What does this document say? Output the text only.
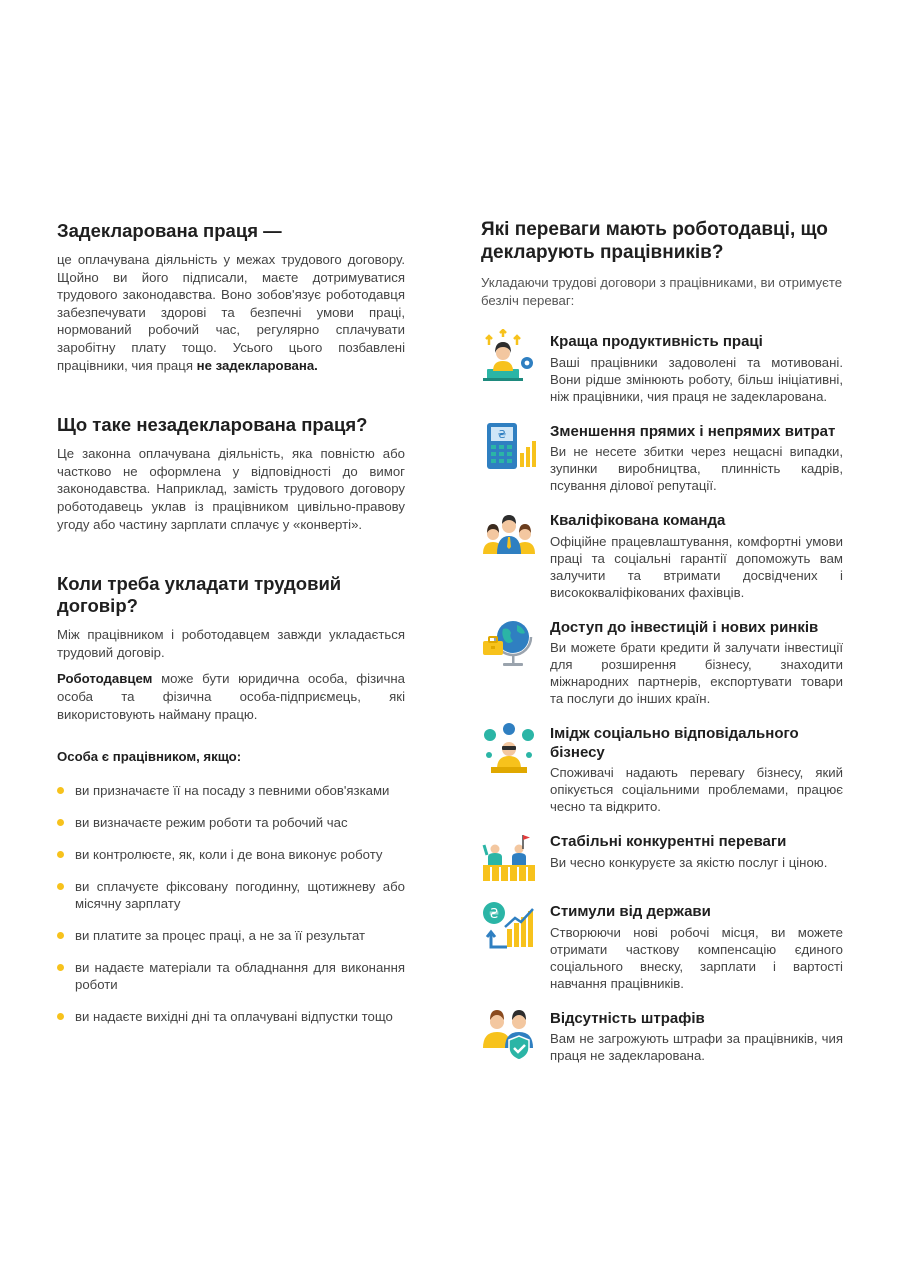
Задекларована праця —

це оплачувана діяльність у межах трудового договору. Щойно ви його підписали, маєте дотримуватися трудового законодавства. Воно зобов'язує роботодавця забезпечувати здорові та безпечні умови праці, нормований робочий час, регулярно сплачувати заробітну плату тощо. Усього цього позбавлені працівники, чия праця не задекларована.

Що таке незадекларована праця?

Це законна оплачувана діяльність, яка повністю або частково не оформлена у відповідності до вимог законодавства. Наприклад, замість трудового договору роботодавець уклав із працівником цивільно-правову угоду або частину зарплати сплачує у «конверті».

Коли треба укладати трудовий договір?

Між працівником і роботодавцем завжди укладається трудовий договір.

Роботодавцем може бути юридична особа, фізична особа та фізична особа-підприємець, які використовують найману працю.

Особа є працівником, якщо:
ви призначаєте її на посаду з певними обов'язками
ви визначаєте режим роботи та робочий час
ви контролюєте, як, коли і де вона виконує роботу
ви сплачуєте фіксовану погодинну, щотижневу або місячну зарплату
ви платите за процес праці, а не за її результат
ви надаєте матеріали та обладнання для виконання роботи
ви надаєте вихідні дні та оплачувані відпустки тощо
Які переваги мають роботодавці, що декларують працівників?
Укладаючи трудові договори з працівниками, ви отримуєте безліч переваг:
Краща продуктивність праці

Ваші працівники задоволені та мотивовані. Вони рідше змінюють роботу, більш ініціативні, ніж працівники, чия праця не задекларована.

₴	Зменшення прямих і непрямих витрат

Ви не несете збитки через нещасні випадки, зупинки виробництва, плинність кадрів, псування ділової репутації.

Кваліфікована команда

Офіційне працевлаштування, комфортні умови праці та соціальні гарантії допоможуть вам залучити та втримати досвідчених і висококваліфікованих фахівців.

Доступ до інвестицій і нових ринків

Ви можете брати кредити й залучати інвестиції для розширення бізнесу, знаходити міжнародних партнерів, експортувати товари та послуги до інших країн.

Імідж соціально відповідального бізнесу

Споживачі надають перевагу бізнесу, який опікується соціальними проблемами, працює чесно та відкрито.

Стабільні конкурентні переваги

Ви чесно конкуруєте за якістю послуг і ціною.

₴	Стимули від держави

Створюючи нові робочі місця, ви можете отримати часткову компенсацію єдиного соціального внеску, зарплати і вартості навчання працівників.

Відсутність штрафів

Вам не загрожують штрафи за працівників, чия праця не задекларована.
